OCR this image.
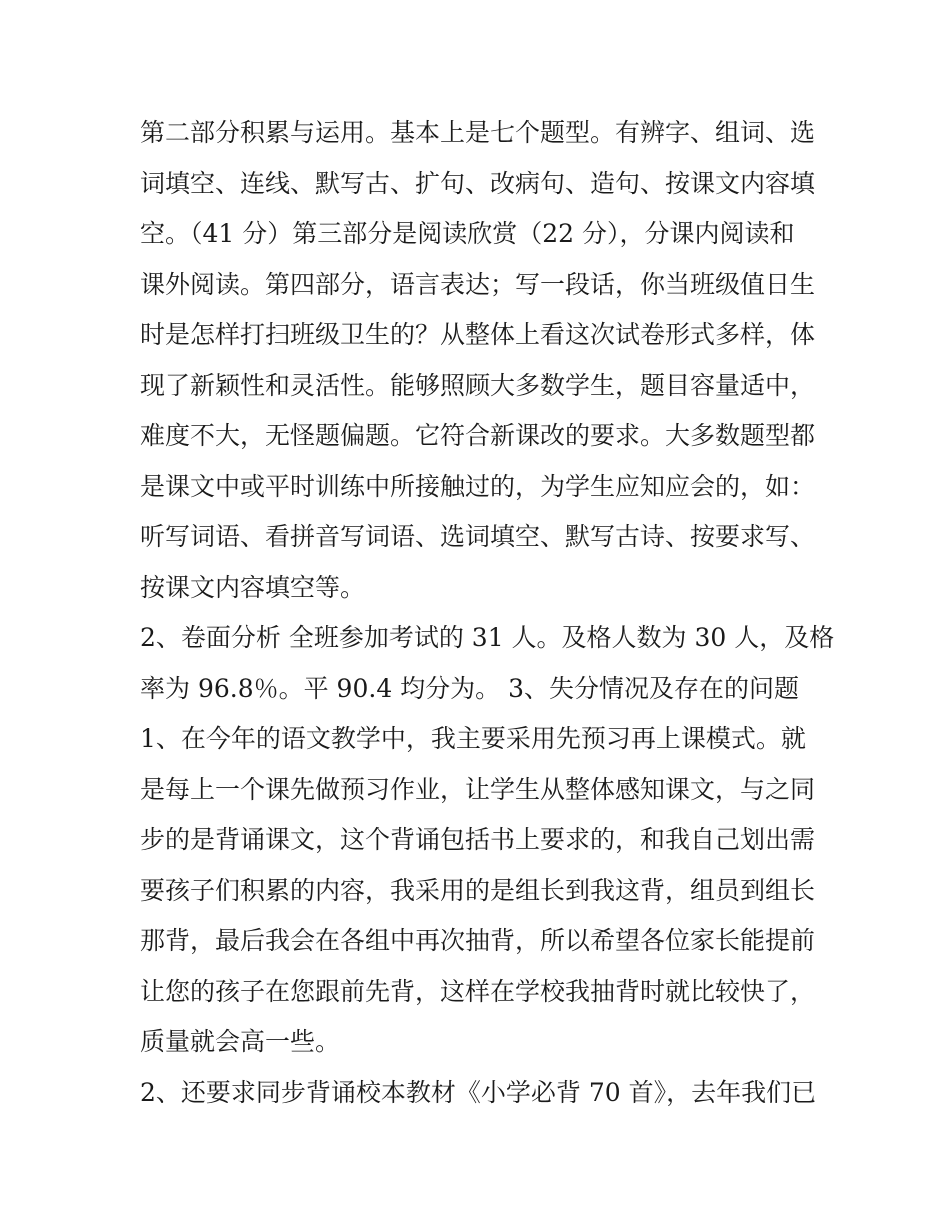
第二部分积累与运用。基本上是七个题型。有辨字、组词、选
词填空、连线、默写古、扩句、改病句、造句、按课文内容填
空。（41 分）第三部分是阅读欣赏（22 分），分课内阅读和
课外阅读。第四部分，语言表达；写一段话，你当班级值日生
时是怎样打扫班级卫生的？从整体上看这次试卷形式多样，体
现了新颖性和灵活性。能够照顾大多数学生，题目容量适中，
难度不大，无怪题偏题。它符合新课改的要求。大多数题型都
是课文中或平时训练中所接触过的，为学生应知应会的，如：
听写词语、看拼音写词语、选词填空、默写古诗、按要求写、
按课文内容填空等。
2、卷面分析 全班参加考试的 31 人。及格人数为 30 人，及格
率为 96.8％。平 90.4 均分为。 3、失分情况及存在的问题
1、在今年的语文教学中，我主要采用先预习再上课模式。就
是每上一个课先做预习作业，让学生从整体感知课文，与之同
步的是背诵课文，这个背诵包括书上要求的，和我自己划出需
要孩子们积累的内容，我采用的是组长到我这背，组员到组长
那背，最后我会在各组中再次抽背，所以希望各位家长能提前
让您的孩子在您跟前先背，这样在学校我抽背时就比较快了，
质量就会高一些。
2、还要求同步背诵校本教材《小学必背 70 首》，去年我们已
